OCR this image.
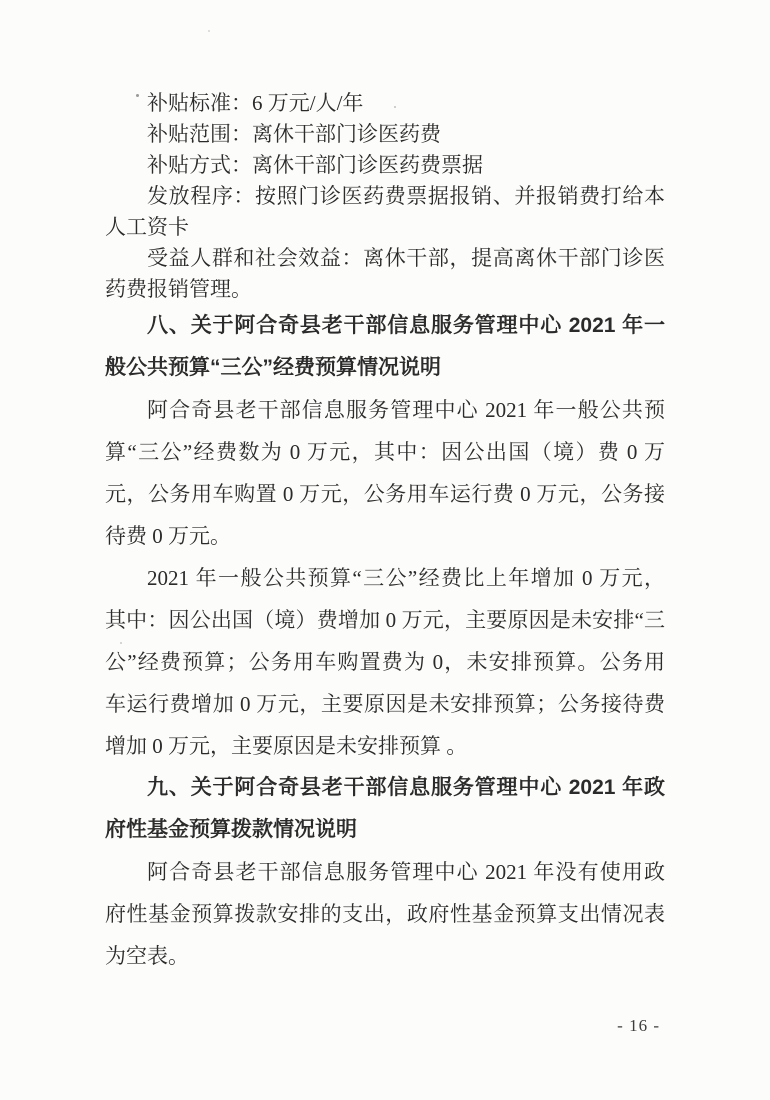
补贴标准：6 万元/人/年
补贴范围：离休干部门诊医药费
补贴方式：离休干部门诊医药费票据
发放程序：按照门诊医药费票据报销、并报销费打给本
人工资卡
受益人群和社会效益：离休干部，提高离休干部门诊医
药费报销管理。
八、关于阿合奇县老干部信息服务管理中心 2021 年一
般公共预算“三公”经费预算情况说明
阿合奇县老干部信息服务管理中心 2021 年一般公共预
算“三公”经费数为 0 万元，其中：因公出国（境）费 0 万
元，公务用车购置 0 万元，公务用车运行费 0 万元，公务接
待费 0 万元。
2021 年一般公共预算“三公”经费比上年增加 0 万元，
其中：因公出国（境）费增加 0 万元，主要原因是未安排“三
公”经费预算；公务用车购置费为 0，未安排预算。公务用
车运行费增加 0 万元，主要原因是未安排预算；公务接待费
增加 0 万元，主要原因是未安排预算 。
九、关于阿合奇县老干部信息服务管理中心 2021 年政
府性基金预算拨款情况说明
阿合奇县老干部信息服务管理中心 2021 年没有使用政
府性基金预算拨款安排的支出，政府性基金预算支出情况表
为空表。
- 16 -
